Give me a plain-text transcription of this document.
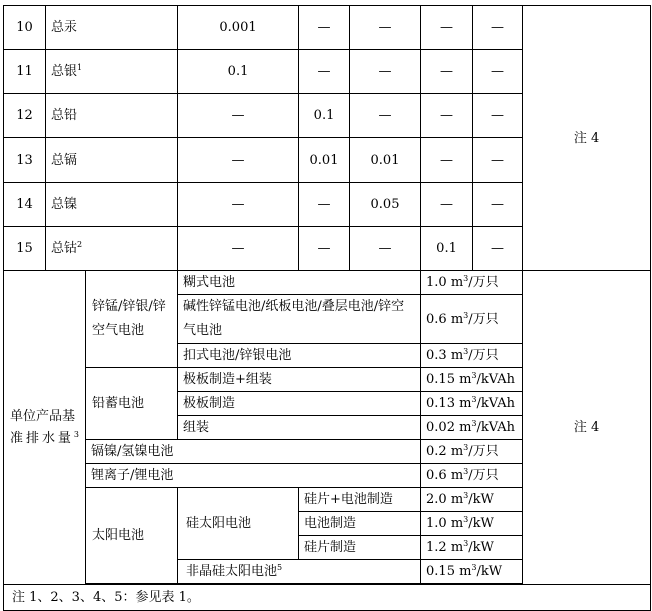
10	总汞		0.001	—	—	—	—	注 4	
11	总银$^1$		0.1	—	—	—	—		
12	总铅		—	0.1	—	—	—		
13	总镉		—	0.01	0.01	—	—		
14	总镍		—	—	0.05	—	—		
15	总钴$^2$		—	—	—	0.1	—		
单位产品基准排水量$^3$		锌锰/锌银/锌空气电池	糊式电池			1.0 $m^3/$万只		注 4	
			碱性锌锰电池/纸板电池/叠层电池/锌空气电池			0.6 $m^3/$万只			
			扣式电池/锌银电池			0.3 $m^3/$万只			
		铅蓄电池	极板制造+组装			0.15 $m^3$/kVAh			
			极板制造			0.13 $m^3$/kVAh			
			组装			0.02 $m^3$/kVAh			
		镉镍/氢镍电池				0.2 $m^3/$万只			
		锂离子/锂电池				0.6 $m^3/$万只			
		太阳电池	硅太阳电池	硅片+电池制造		2.0 $m^3/kW$			
				电池制造		1.0 $m^3/kW$			
				硅片制造		1.2 $m^3/kW$			
			非晶硅太阳电池$^5$			0.15 $m^3/kW$			

注 1、2、3、4、5：参见表 1。									
